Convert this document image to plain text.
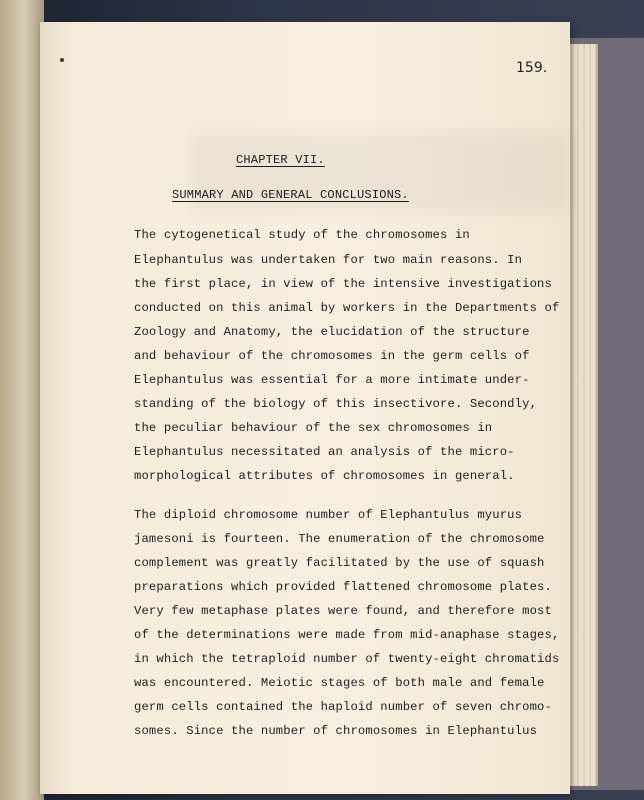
159.
CHAPTER VII.
SUMMARY AND GENERAL CONCLUSIONS.
The cytogenetical study of the chromosomes in
Elephantulus was undertaken for two main reasons. In
the first place, in view of the intensive investigations
conducted on this animal by workers in the Departments of
Zoology and Anatomy, the elucidation of the structure
and behaviour of the chromosomes in the germ cells of
Elephantulus was essential for a more intimate under-
standing of the biology of this insectivore. Secondly,
the peculiar behaviour of the sex chromosomes in
Elephantulus necessitated an analysis of the micro-
morphological attributes of chromosomes in general.
The diploid chromosome number of Elephantulus myurus
jamesoni is fourteen. The enumeration of the chromosome
complement was greatly facilitated by the use of squash
preparations which provided flattened chromosome plates.
Very few metaphase plates were found, and therefore most
of the determinations were made from mid-anaphase stages,
in which the tetraploid number of twenty-eight chromatids
was encountered. Meiotic stages of both male and female
germ cells contained the haploid number of seven chromo-
somes. Since the number of chromosomes in Elephantulus
